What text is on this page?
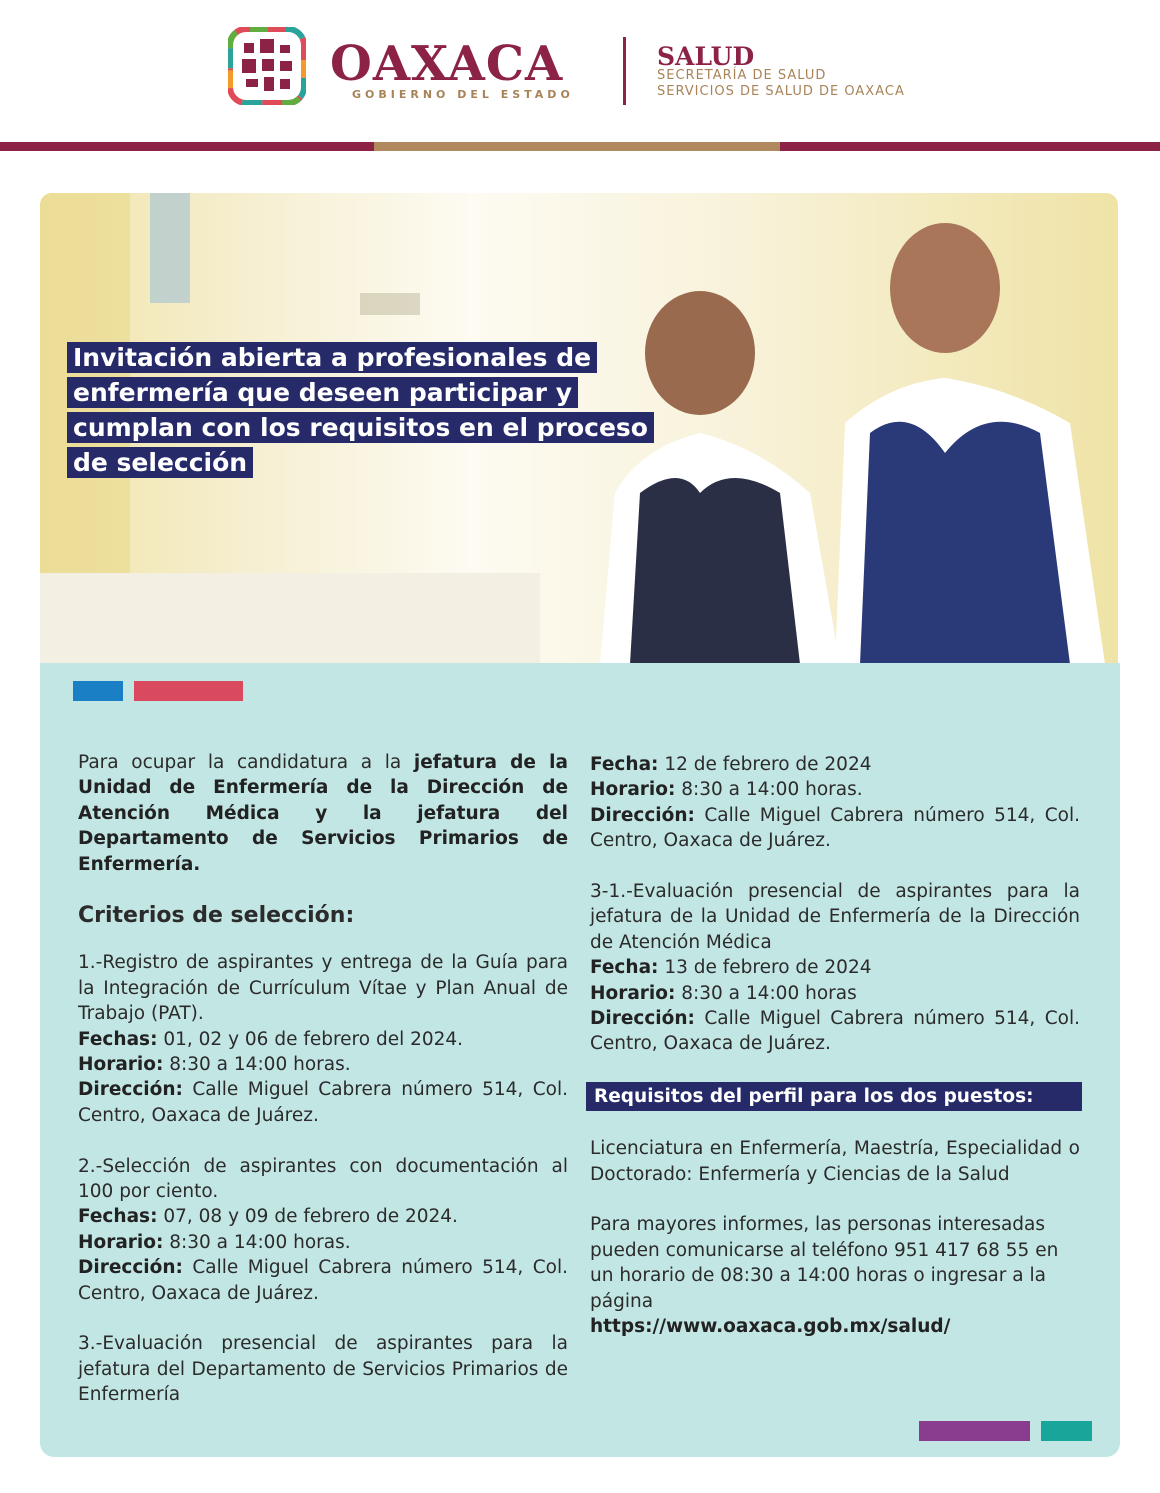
OAXACA
GOBIERNO DEL ESTADO
SALUD
SECRETARÍA DE SALUD
SERVICIOS DE SALUD DE OAXACA
Invitación abierta a profesionales de enfermería que deseen participar y cumplan con los requisitos en el proceso de selección

Para ocupar la candidatura a la jefatura de la Unidad de Enfermería de la Dirección de Atención Médica y la jefatura del Departamento de Servicios Primarios de Enfermería.

Criterios de selección:

1.-Registro de aspirantes y entrega de la Guía para la Integración de Currículum Vítae y Plan Anual de Trabajo (PAT).
Fechas: 01, 02 y 06 de febrero del 2024.
Horario: 8:30 a 14:00 horas.
Dirección: Calle Miguel Cabrera número 514, Col. Centro, Oaxaca de Juárez.

2.-Selección de aspirantes con documentación al 100 por ciento.
Fechas: 07, 08 y 09 de febrero de 2024.
Horario: 8:30 a 14:00 horas.
Dirección: Calle Miguel Cabrera número 514, Col. Centro, Oaxaca de Juárez.

3.-Evaluación presencial de aspirantes para la jefatura del Departamento de Servicios Primarios de Enfermería

Fecha: 12 de febrero de 2024
Horario: 8:30 a 14:00 horas.
Dirección: Calle Miguel Cabrera número 514, Col. Centro, Oaxaca de Juárez.

3-1.-Evaluación presencial de aspirantes para la jefatura de la Unidad de Enfermería de la Dirección de Atención Médica
Fecha: 13 de febrero de 2024
Horario: 8:30 a 14:00 horas
Dirección: Calle Miguel Cabrera número 514, Col. Centro, Oaxaca de Juárez.

Requisitos del perfil para los dos puestos:

Licenciatura en Enfermería, Maestría, Especialidad o Doctorado: Enfermería y Ciencias de la Salud

Para mayores informes, las personas interesadas pueden comunicarse al teléfono 951 417 68 55 en un horario de 08:30 a 14:00 horas o ingresar a la página
https://www.oaxaca.gob.mx/salud/
